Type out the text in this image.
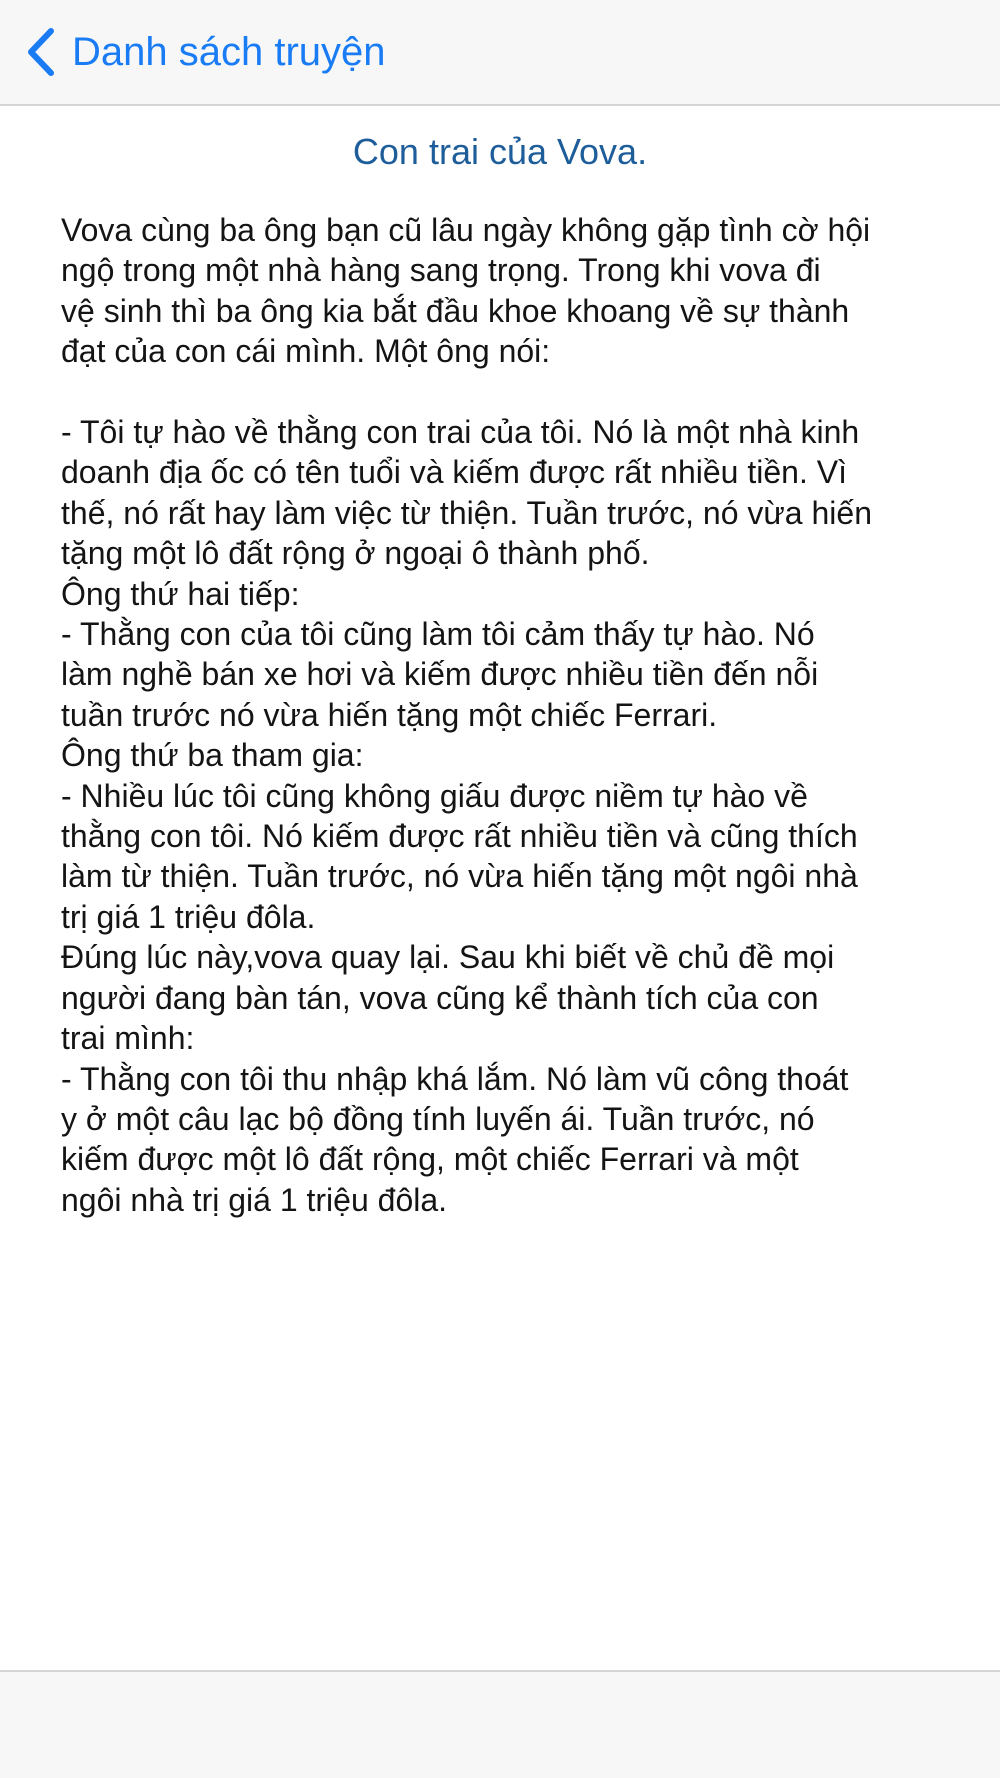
Danh sách truyện
Con trai của Vova.
Vova cùng ba ông bạn cũ lâu ngày không gặp tình cờ hội
ngộ trong một nhà hàng sang trọng. Trong khi vova đi
vệ sinh thì ba ông kia bắt đầu khoe khoang về sự thành
đạt của con cái mình. Một ông nói:
- Tôi tự hào về thằng con trai của tôi. Nó là một nhà kinh
doanh địa ốc có tên tuổi và kiếm được rất nhiều tiền. Vì
thế, nó rất hay làm việc từ thiện. Tuần trước, nó vừa hiến
tặng một lô đất rộng ở ngoại ô thành phố.
Ông thứ hai tiếp:
- Thằng con của tôi cũng làm tôi cảm thấy tự hào. Nó
làm nghề bán xe hơi và kiếm được nhiều tiền đến nỗi
tuần trước nó vừa hiến tặng một chiếc Ferrari.
Ông thứ ba tham gia:
- Nhiều lúc tôi cũng không giấu được niềm tự hào về
thằng con tôi. Nó kiếm được rất nhiều tiền và cũng thích
làm từ thiện. Tuần trước, nó vừa hiến tặng một ngôi nhà
trị giá 1 triệu đôla.
Đúng lúc này,vova quay lại. Sau khi biết về chủ đề mọi
người đang bàn tán, vova cũng kể thành tích của con
trai mình:
- Thằng con tôi thu nhập khá lắm. Nó làm vũ công thoát
y ở một câu lạc bộ đồng tính luyến ái. Tuần trước, nó
kiếm được một lô đất rộng, một chiếc Ferrari và một
ngôi nhà trị giá 1 triệu đôla.
